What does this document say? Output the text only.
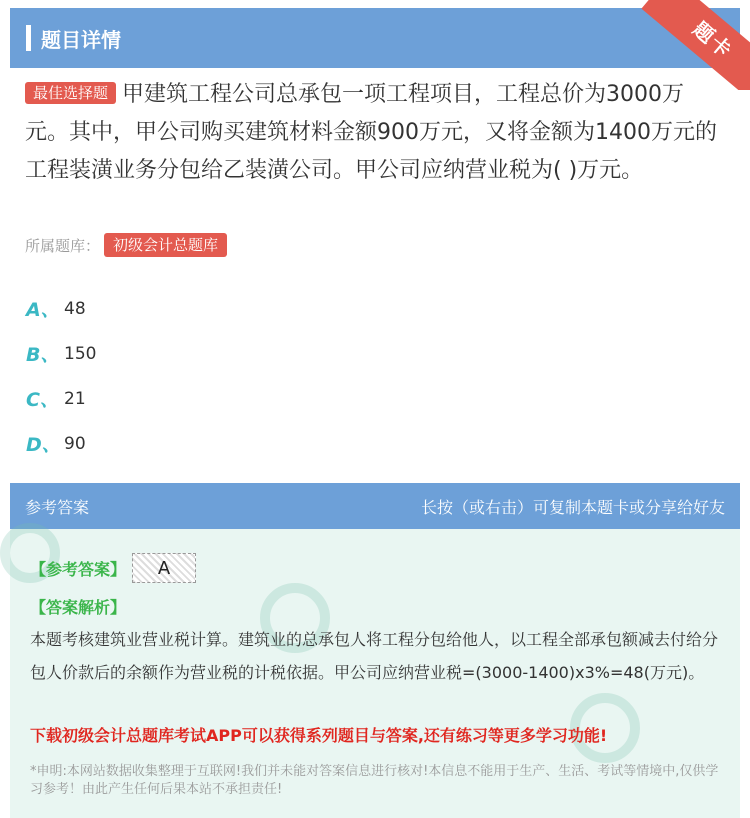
题目详情	题卡
最佳选择题 甲建筑工程公司总承包一项工程项目，工程总价为3000万元。其中，甲公司购买建筑材料金额900万元，又将金额为1400万元的工程装潢业务分包给乙装潢公司。甲公司应纳营业税为( )万元。
所属题库： 初级会计总题库
A、 48
B、 150
C、 21
D、 90
参考答案	长按（或右击）可复制本题卡或分享给好友
【参考答案】	A
【答案解析】
本题考核建筑业营业税计算。建筑业的总承包人将工程分包给他人，以工程全部承包额减去付给分包人价款后的余额作为营业税的计税依据。甲公司应纳营业税=(3000-1400)x3%=48(万元)。
下载初级会计总题库考试APP可以获得系列题目与答案,还有练习等更多学习功能!
*申明:本网站数据收集整理于互联网!我们并未能对答案信息进行核对!本信息不能用于生产、生活、考试等情境中,仅供学习参考！由此产生任何后果本站不承担责任!
